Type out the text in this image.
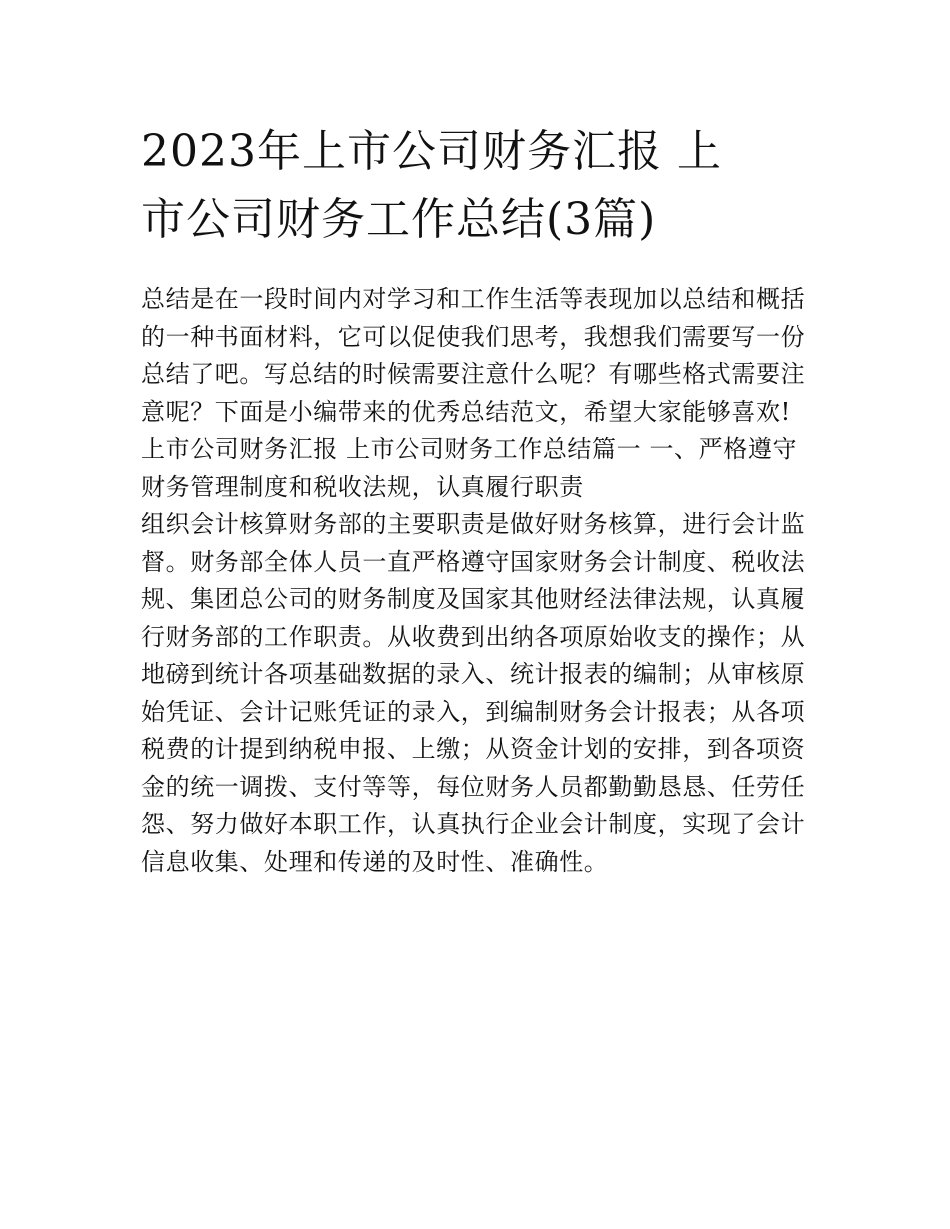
2023年上市公司财务汇报 上
市公司财务工作总结(3篇)

总结是在一段时间内对学习和工作生活等表现加以总结和概括
的一种书面材料，它可以促使我们思考，我想我们需要写一份
总结了吧。写总结的时候需要注意什么呢？有哪些格式需要注
意呢？下面是小编带来的优秀总结范文，希望大家能够喜欢!

上市公司财务汇报 上市公司财务工作总结篇一 一、严格遵守
财务管理制度和税收法规，认真履行职责

组织会计核算财务部的主要职责是做好财务核算，进行会计监
督。财务部全体人员一直严格遵守国家财务会计制度、税收法
规、集团总公司的财务制度及国家其他财经法律法规，认真履
行财务部的工作职责。从收费到出纳各项原始收支的操作；从
地磅到统计各项基础数据的录入、统计报表的编制；从审核原
始凭证、会计记账凭证的录入，到编制财务会计报表；从各项
税费的计提到纳税申报、上缴；从资金计划的安排，到各项资
金的统一调拨、支付等等，每位财务人员都勤勤恳恳、任劳任
怨、努力做好本职工作，认真执行企业会计制度，实现了会计
信息收集、处理和传递的及时性、准确性。
